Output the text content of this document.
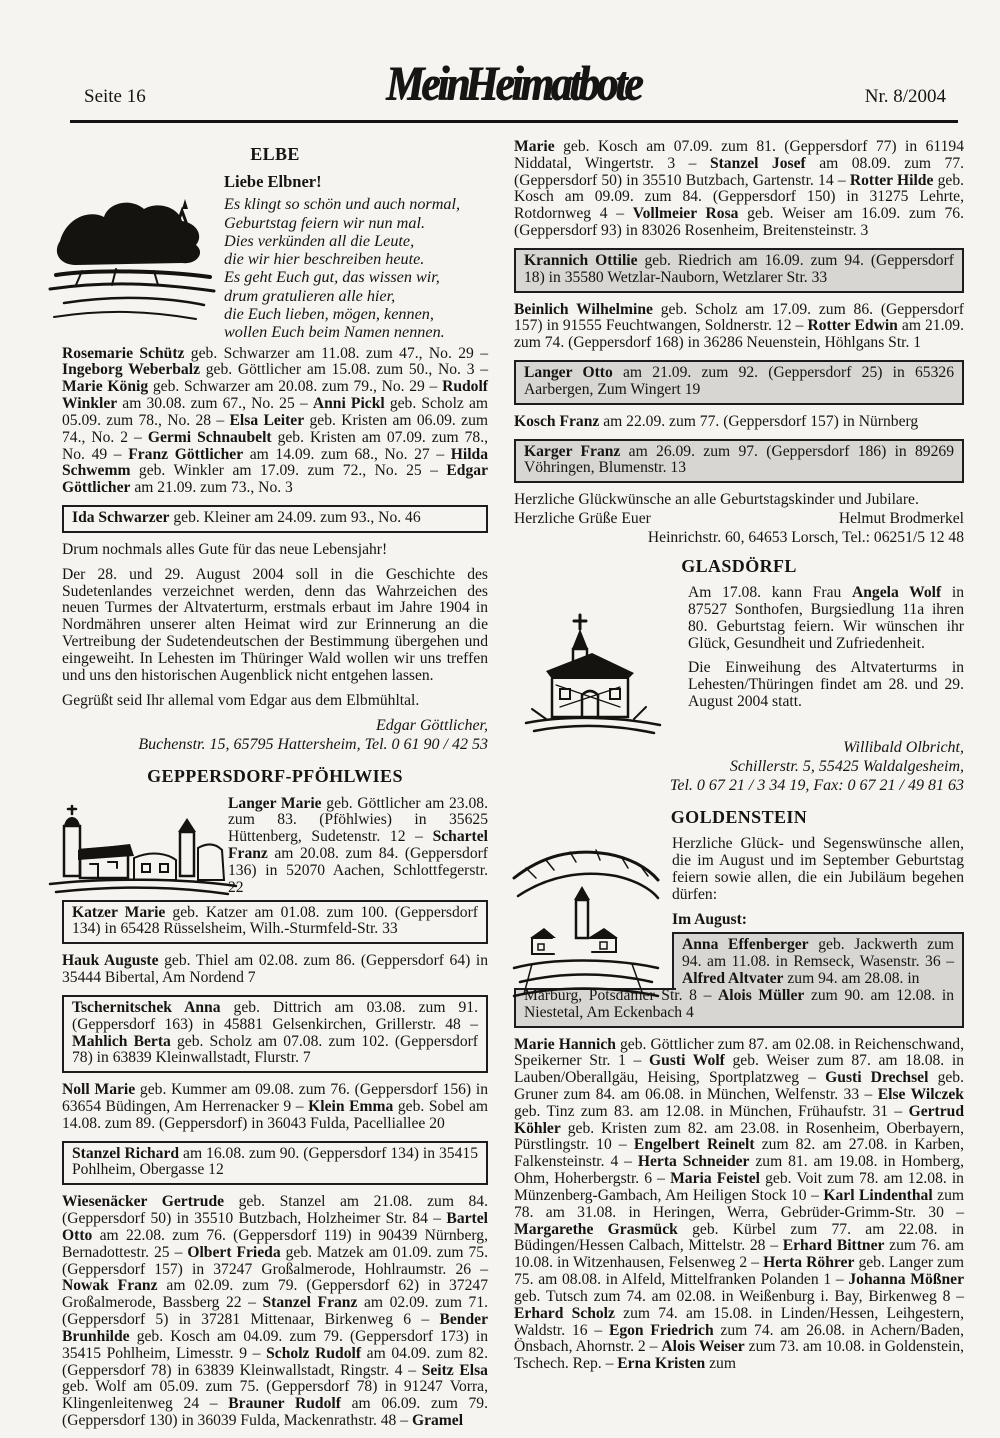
Seite 16	Mein Heimatbote	Nr. 8/2004
ELBE

Liebe Elbner!

Es klingt so schön und auch normal,
Geburtstag feiern wir nun mal.
Dies verkünden all die Leute,
die wir hier beschreiben heute.
Es geht Euch gut, das wissen wir,
drum gratulieren alle hier,
die Euch lieben, mögen, kennen,
wollen Euch beim Namen nennen.

Rosemarie Schütz geb. Schwarzer am 11.08. zum 47., No. 29 – Ingeborg Weberbalz geb. Göttlicher am 15.08. zum 50., No. 3 – Marie König geb. Schwarzer am 20.08. zum 79., No. 29 – Rudolf Winkler am 30.08. zum 67., No. 25 – Anni Pickl geb. Scholz am 05.09. zum 78., No. 28 – Elsa Leiter geb. Kristen am 06.09. zum 74., No. 2 – Germi Schnaubelt geb. Kristen am 07.09. zum 78., No. 49 – Franz Göttlicher am 14.09. zum 68., No. 27 – Hilda Schwemm geb. Winkler am 17.09. zum 72., No. 25 – Edgar Göttlicher am 21.09. zum 73., No. 3

Ida Schwarzer geb. Kleiner am 24.09. zum 93., No. 46

Drum nochmals alles Gute für das neue Lebensjahr!

Der 28. und 29. August 2004 soll in die Geschichte des Sudetenlandes verzeichnet werden, denn das Wahrzeichen des neuen Turmes der Altvaterturm, erstmals erbaut im Jahre 1904 in Nordmähren unserer alten Heimat wird zur Erinnerung an die Vertreibung der Sudetendeutschen der Bestimmung übergehen und eingeweiht. In Lehesten im Thüringer Wald wollen wir uns treffen und uns den historischen Augenblick nicht entgehen lassen.

Gegrüßt seid Ihr allemal vom Edgar aus dem Elbmühltal.

Edgar Göttlicher,
Buchenstr. 15, 65795 Hattersheim, Tel. 0 61 90 / 42 53

GEPPERSDORF-PFÖHLWIES

Langer Marie geb. Göttlicher am 23.08. zum 83. (Pföhlwies) in 35625 Hüttenberg, Sudetenstr. 12 – Schartel Franz am 20.08. zum 84. (Geppersdorf 136) in 52070 Aachen, Schlottfegerstr. 22

Katzer Marie geb. Katzer am 01.08. zum 100. (Geppersdorf 134) in 65428 Rüsselsheim, Wilh.-Sturmfeld-Str. 33

Hauk Auguste geb. Thiel am 02.08. zum 86. (Geppersdorf 64) in 35444 Bibertal, Am Nordend 7

Tschernitschek Anna geb. Dittrich am 03.08. zum 91. (Geppersdorf 163) in 45881 Gelsenkirchen, Grillerstr. 48 – Mahlich Berta geb. Scholz am 07.08. zum 102. (Geppersdorf 78) in 63839 Kleinwallstadt, Flurstr. 7

Noll Marie geb. Kummer am 09.08. zum 76. (Geppersdorf 156) in 63654 Büdingen, Am Herrenacker 9 – Klein Emma geb. Sobel am 14.08. zum 89. (Geppersdorf) in 36043 Fulda, Pacelliallee 20

Stanzel Richard am 16.08. zum 90. (Geppersdorf 134) in 35415 Pohlheim, Obergasse 12

Wiesenäcker Gertrude geb. Stanzel am 21.08. zum 84. (Geppersdorf 50) in 35510 Butzbach, Holzheimer Str. 84 – Bartel Otto am 22.08. zum 76. (Geppersdorf 119) in 90439 Nürnberg, Bernadottestr. 25 – Olbert Frieda geb. Matzek am 01.09. zum 75. (Geppersdorf 157) in 37247 Großalmerode, Hohlraumstr. 26 – Nowak Franz am 02.09. zum 79. (Geppersdorf 62) in 37247 Großalmerode, Bassberg 22 – Stanzel Franz am 02.09. zum 71. (Geppersdorf 5) in 37281 Mittenaar, Birkenweg 6 – Bender Brunhilde geb. Kosch am 04.09. zum 79. (Geppersdorf 173) in 35415 Pohlheim, Limesstr. 9 – Scholz Rudolf am 04.09. zum 82. (Geppersdorf 78) in 63839 Kleinwallstadt, Ringstr. 4 – Seitz Elsa geb. Wolf am 05.09. zum 75. (Geppersdorf 78) in 91247 Vorra, Klingenleitenweg 24 – Brauner Rudolf am 06.09. zum 79. (Geppersdorf 130) in 36039 Fulda, Mackenrathstr. 48 – Gramel

Marie geb. Kosch am 07.09. zum 81. (Geppersdorf 77) in 61194 Niddatal, Wingertstr. 3 – Stanzel Josef am 08.09. zum 77. (Geppersdorf 50) in 35510 Butzbach, Gartenstr. 14 – Rotter Hilde geb. Kosch am 09.09. zum 84. (Geppersdorf 150) in 31275 Lehrte, Rotdornweg 4 – Vollmeier Rosa geb. Weiser am 16.09. zum 76. (Geppersdorf 93) in 83026 Rosenheim, Breitensteinstr. 3

Krannich Ottilie geb. Riedrich am 16.09. zum 94. (Geppersdorf 18) in 35580 Wetzlar-Nauborn, Wetzlarer Str. 33

Beinlich Wilhelmine geb. Scholz am 17.09. zum 86. (Geppersdorf 157) in 91555 Feuchtwangen, Soldnerstr. 12 – Rotter Edwin am 21.09. zum 74. (Geppersdorf 168) in 36286 Neuenstein, Höhlgans Str. 1

Langer Otto am 21.09. zum 92. (Geppersdorf 25) in 65326 Aarbergen, Zum Wingert 19

Kosch Franz am 22.09. zum 77. (Geppersdorf 157) in Nürnberg

Karger Franz am 26.09. zum 97. (Geppersdorf 186) in 89269 Vöhringen, Blumenstr. 13

Herzliche Glückwünsche an alle Geburtstagskinder und Jubilare.

Herzliche Grüße Euer	Helmut Brodmerkel

Heinrichstr. 60, 64653 Lorsch, Tel.: 06251/5 12 48

GLASDÖRFL

Am 17.08. kann Frau Angela Wolf in 87527 Sonthofen, Burgsiedlung 11a ihren 80. Geburtstag feiern. Wir wünschen ihr Glück, Gesundheit und Zufriedenheit.

Die Einweihung des Altvaterturms in Lehesten/Thüringen findet am 28. und 29. August 2004 statt.

Willibald Olbricht,
Schillerstr. 5, 55425 Waldalgesheim,
Tel. 0 67 21 / 3 34 19, Fax: 0 67 21 / 49 81 63

GOLDENSTEIN

Herzliche Glück- und Segenswünsche allen, die im August und im September Geburtstag feiern sowie allen, die ein Jubiläum begehen dürfen:

Im August:

Anna Effenberger geb. Jackwerth zum 94. am 11.08. in Remseck, Wasenstr. 36 – Alfred Altvater zum 94. am 28.08. in
Marburg, Potsdamer Str. 8 – Alois Müller zum 90. am 12.08. in Niestetal, Am Eckenbach 4

Marie Hannich geb. Göttlicher zum 87. am 02.08. in Reichenschwand, Speikerner Str. 1 – Gusti Wolf geb. Weiser zum 87. am 18.08. in Lauben/Oberallgäu, Heising, Sportplatzweg – Gusti Drechsel geb. Gruner zum 84. am 06.08. in München, Welfenstr. 33 – Else Wilczek geb. Tinz zum 83. am 12.08. in München, Frühaufstr. 31 – Gertrud Köhler geb. Kristen zum 82. am 23.08. in Rosenheim, Oberbayern, Pürstlingstr. 10 – Engelbert Reinelt zum 82. am 27.08. in Karben, Falkensteinstr. 4 – Herta Schneider zum 81. am 19.08. in Homberg, Ohm, Hoherbergstr. 6 – Maria Feistel geb. Voit zum 78. am 12.08. in Münzenberg-Gambach, Am Heiligen Stock 10 – Karl Lindenthal zum 78. am 31.08. in Heringen, Werra, Gebrüder-Grimm-Str. 30 – Margarethe Grasmück geb. Kürbel zum 77. am 22.08. in Büdingen/Hessen Calbach, Mittelstr. 28 – Erhard Bittner zum 76. am 10.08. in Witzenhausen, Felsenweg 2 – Herta Röhrer geb. Langer zum 75. am 08.08. in Alfeld, Mittelfranken Polanden 1 – Johanna Mößner geb. Tutsch zum 74. am 02.08. in Weißenburg i. Bay, Birkenweg 8 – Erhard Scholz zum 74. am 15.08. in Linden/Hessen, Leihgestern, Waldstr. 16 – Egon Friedrich zum 74. am 26.08. in Achern/Baden, Önsbach, Ahornstr. 2 – Alois Weiser zum 73. am 10.08. in Goldenstein, Tschech. Rep. – Erna Kristen zum
